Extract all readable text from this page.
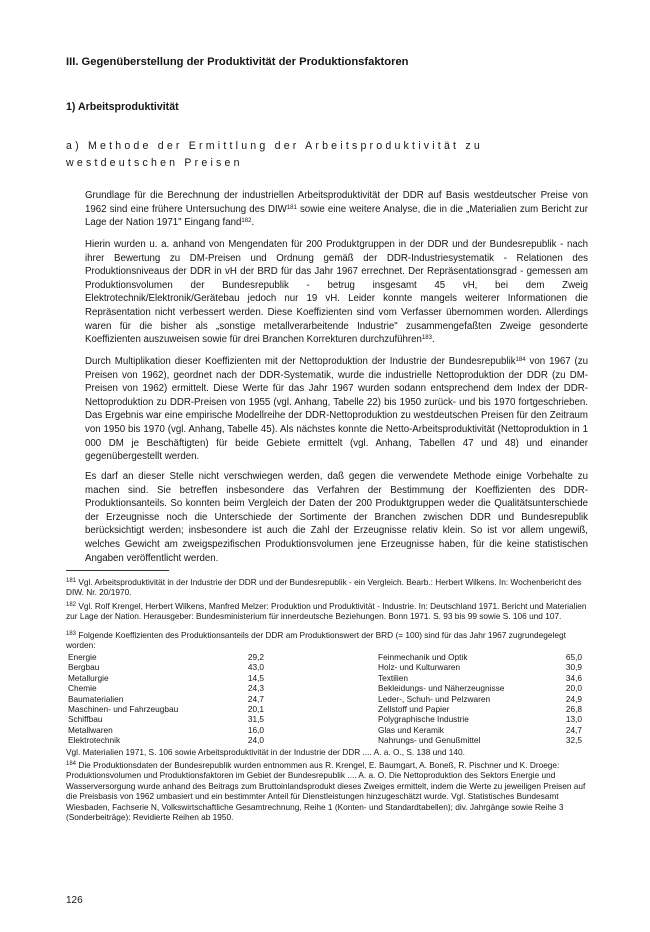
III. Gegenüberstellung der Produktivität der Produktionsfaktoren
1) Arbeitsproduktivität
a) Methode der Ermittlung der Arbeitsproduktivität zu westdeutschen Preisen

Grundlage für die Berechnung der industriellen Arbeitsproduktivität der DDR auf Basis westdeutscher Preise von 1962 sind eine frühere Untersuchung des DIW$^{181}$ sowie eine weitere Analyse, die in die „Materialien zum Bericht zur Lage der Nation 1971" Eingang fand$^{182}$.

Hierin wurden u. a. anhand von Mengendaten für 200 Produktgruppen in der DDR und der Bundesrepublik - nach ihrer Bewertung zu DM-Preisen und Ordnung gemäß der DDR-Industriesystematik - Relationen des Produktionsniveaus der DDR in vH der BRD für das Jahr 1967 errechnet. Der Repräsentationsgrad - gemessen am Produktionsvolumen der Bundesrepublik - betrug insgesamt 45 vH, bei dem Zweig Elektrotechnik/Elektronik/Gerätebau jedoch nur 19 vH. Leider konnte mangels weiterer Informationen die Repräsentation nicht verbessert werden. Diese Koeffizienten sind vom Verfasser übernommen worden. Allerdings waren für die bisher als „sonstige metallverarbeitende Industrie" zusammengefaßten Zweige gesonderte Koeffizienten auszuweisen sowie für drei Branchen Korrekturen durchzuführen$^{183}$.

Durch Multiplikation dieser Koeffizienten mit der Nettoproduktion der Industrie der Bundesrepublik$^{184}$ von 1967 (zu Preisen von 1962), geordnet nach der DDR-Systematik, wurde die industrielle Nettoproduktion der DDR (zu DM-Preisen von 1962) ermittelt. Diese Werte für das Jahr 1967 wurden sodann entsprechend dem Index der DDR-Nettoproduktion zu DDR-Preisen von 1955 (vgl. Anhang, Tabelle 22) bis 1950 zurück- und bis 1970 fortgeschrieben. Das Ergebnis war eine empirische Modellreihe der DDR-Nettoproduktion zu westdeutschen Preisen für den Zeitraum von 1950 bis 1970 (vgl. Anhang, Tabelle 45). Als nächstes konnte die Netto-Arbeitsproduktivität (Nettoproduktion in 1 000 DM je Beschäftigten) für beide Gebiete ermittelt (vgl. Anhang, Tabellen 47 und 48) und einander gegenübergestellt werden.

Es darf an dieser Stelle nicht verschwiegen werden, daß gegen die verwendete Methode einige Vorbehalte zu machen sind. Sie betreffen insbesondere das Verfahren der Bestimmung der Koeffizienten des DDR-Produktionsanteils. So konnten beim Vergleich der Daten der 200 Produktgruppen weder die Qualitätsunterschiede der Erzeugnisse noch die Unterschiede der Sortimente der Branchen zwischen DDR und Bundesrepublik berücksichtigt werden; insbesondere ist auch die Zahl der Erzeugnisse relativ klein. So ist vor allem ungewiß, welches Gewicht am zweigspezifischen Produktionsvolumen jene Erzeugnisse haben, für die keine statistischen Angaben veröffentlicht werden.

$^{181}$ Vgl. Arbeitsproduktivität in der Industrie der DDR und der Bundesrepublik - ein Vergleich. Bearb.: Herbert Wilkens. In: Wochenbericht des DIW. Nr. 20/1970.

$^{182}$ Vgl. Rolf Krengel, Herbert Wilkens, Manfred Melzer: Produktion und Produktivität - Industrie. In: Deutschland 1971. Bericht und Materialien zur Lage der Nation. Herausgeber: Bundesministerium für innerdeutsche Beziehungen. Bonn 1971. S. 93 bis 99 sowie S. 106 und 107.

$^{183}$ Folgende Koeffizienten des Produktionsanteils der DDR am Produktionswert der BRD (= 100) sind für das Jahr 1967 zugrundegelegt worden:

Energie	29,2	Feinmechanik und Optik	65,0
Bergbau	43,0	Holz- und Kulturwaren	30,9
Metallurgie	14,5	Textilien	34,6
Chemie	24,3	Bekleidungs- und Näherzeugnisse	20,0
Baumaterialien	24,7	Leder-, Schuh- und Pelzwaren	24,9
Maschinen- und Fahrzeugbau	20,1	Zellstoff und Papier	26,8
Schiffbau	31,5	Polygraphische Industrie	13,0
Metallwaren	16,0	Glas und Keramik	24,7
Elektrotechnik	24,0	Nahrungs- und Genußmittel	32,5
Vgl. Materialien 1971, S. 106 sowie Arbeitsproduktivität in der Industrie der DDR .... A. a. O., S. 138 und 140.

$^{184}$ Die Produktionsdaten der Bundesrepublik wurden entnommen aus R. Krengel, E. Baumgart, A. Boneß, R. Pischner und K. Droege: Produktionsvolumen und Produktionsfaktoren im Gebiet der Bundesrepublik .... A. a. O. Die Nettoproduktion des Sektors Energie und Wasserversorgung wurde anhand des Beitrags zum Bruttoinlandsprodukt dieses Zweiges ermittelt, indem die Werte zu jeweiligen Preisen auf die Preisbasis von 1962 umbasiert und ein bestimmter Anteil für Dienstleistungen hinzugeschätzt wurde. Vgl. Statistisches Bundesamt Wiesbaden, Fachserie N, Volkswirtschaftliche Gesamtrechnung, Reihe 1 (Konten- und Standardtabellen); div. Jahrgänge sowie Reihe 3 (Sonderbeiträge): Revidierte Reihen ab 1950.

126
